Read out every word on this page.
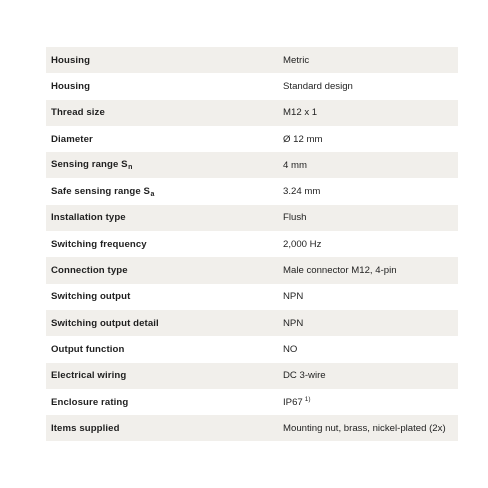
Housing	Metric
Housing	Standard design
Thread size	M12 x 1
Diameter	Ø 12 mm
Sensing range $S_n$	4 mm
Safe sensing range $S_a$	3.24 mm
Installation type	Flush
Switching frequency	2,000 Hz
Connection type	Male connector M12, 4-pin
Switching output	NPN
Switching output detail	NPN
Output function	NO
Electrical wiring	DC 3-wire
Enclosure rating	IP67 $^{1)}$
Items supplied	Mounting nut, brass, nickel-plated (2x)
